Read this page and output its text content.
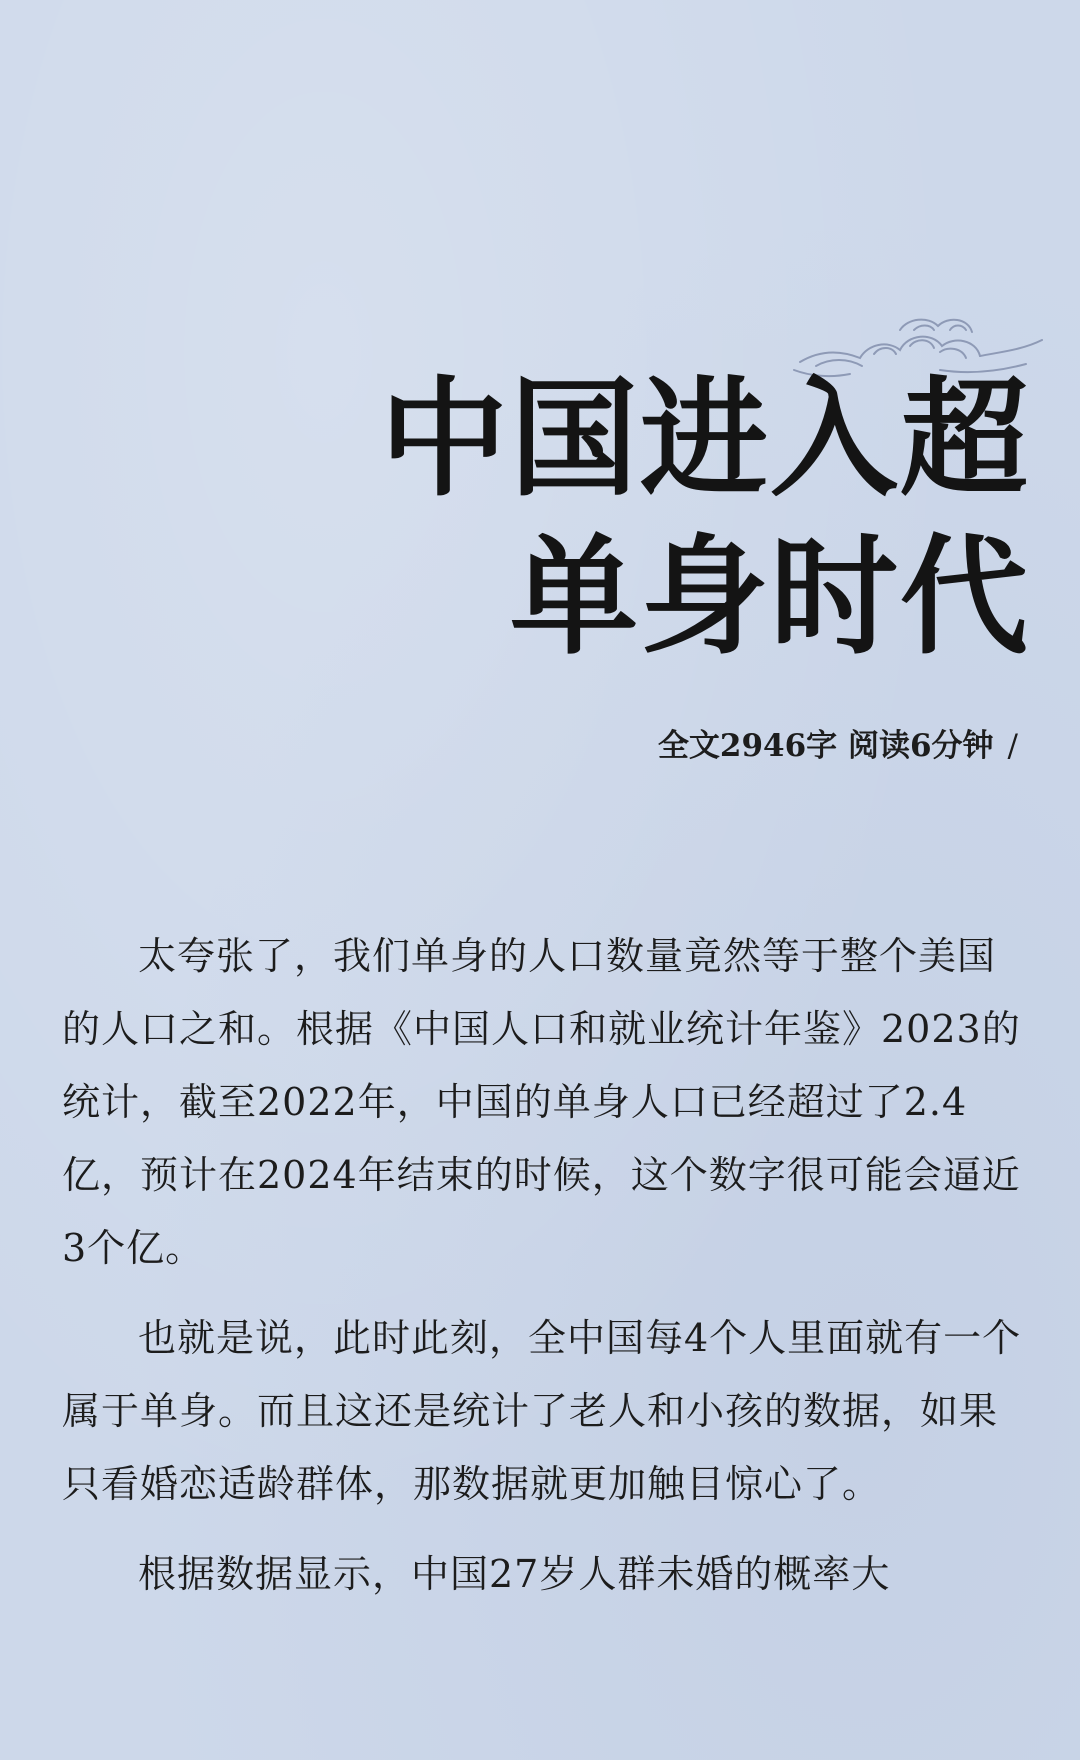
中国进入超
单身时代
全文2946字 阅读6分钟 /

太夸张了，我们单身的人口数量竟然等于整个美国的人口之和。根据《中国人口和就业统计年鉴》2023的统计，截至2022年，中国的单身人口已经超过了2.4亿，预计在2024年结束的时候，这个数字很可能会逼近3个亿。

也就是说，此时此刻，全中国每4个人里面就有一个属于单身。而且这还是统计了老人和小孩的数据，如果只看婚恋适龄群体，那数据就更加触目惊心了。

根据数据显示，中国27岁人群未婚的概率大
